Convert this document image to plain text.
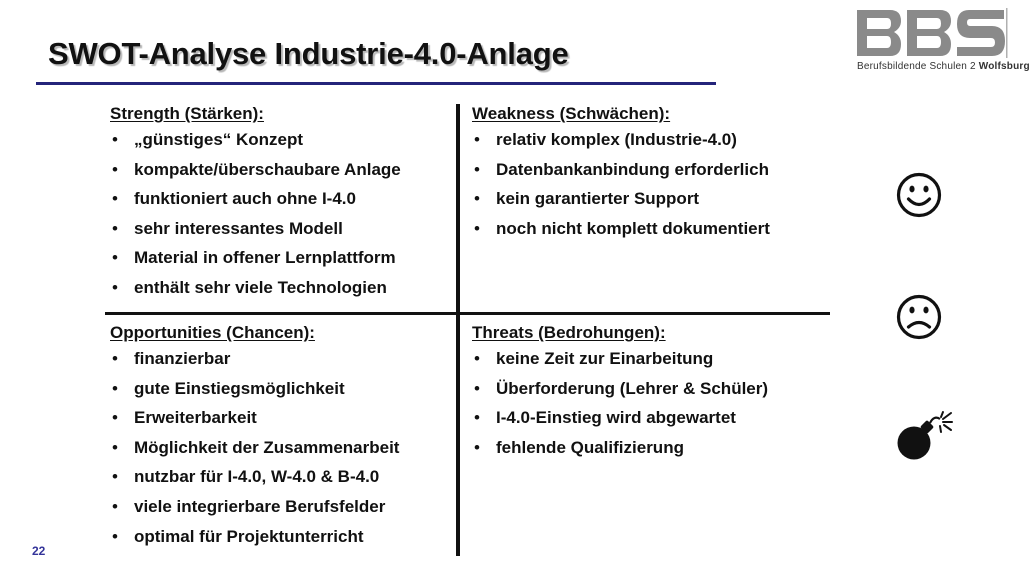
SWOT-Analyse Industrie-4.0-Anlage	Berufsbildende Schulen 2 Wolfsburg
Strength (Stärken):
• „günstiges“ Konzept
• kompakte/überschaubare Anlage
• funktioniert auch ohne I-4.0
• sehr interessantes Modell
• Material in offener Lernplattform
• enthält sehr viele Technologien
Weakness (Schwächen):
• relativ komplex (Industrie-4.0)
• Datenbankanbindung erforderlich
• kein garantierter Support
• noch nicht komplett dokumentiert
Opportunities (Chancen):
• finanzierbar
• gute Einstiegsmöglichkeit
• Erweiterbarkeit
• Möglichkeit der Zusammenarbeit
• nutzbar für I-4.0, W-4.0 & B-4.0
• viele integrierbare Berufsfelder
• optimal für Projektunterricht
Threats (Bedrohungen):
• keine Zeit zur Einarbeitung
• Überforderung (Lehrer & Schüler)
• I-4.0-Einstieg wird abgewartet
• fehlende Qualifizierung
22
